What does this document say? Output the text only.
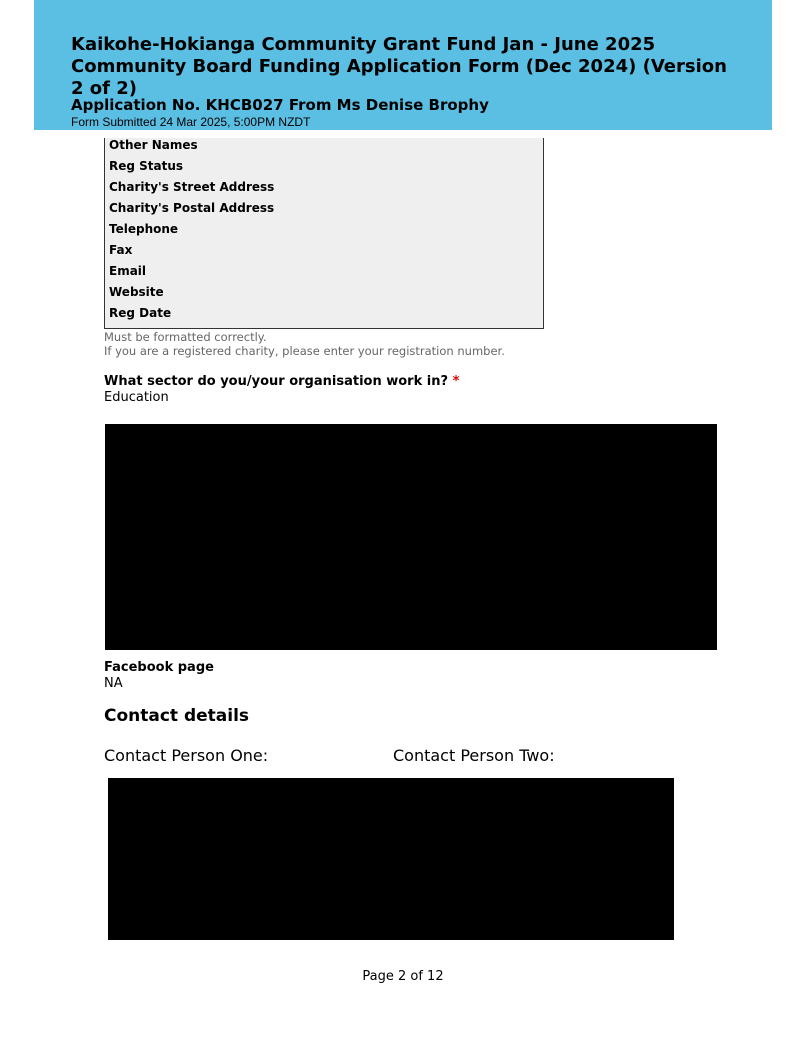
Kaikohe-Hokianga Community Grant Fund Jan - June 2025 Community Board Funding Application Form (Dec 2024) (Version 2 of 2)
Application No. KHCB027 From Ms Denise Brophy
Form Submitted 24 Mar 2025, 5:00PM NZDT
Other Names
Reg Status
Charity's Street Address
Charity's Postal Address
Telephone
Fax
Email
Website
Reg Date
Must be formatted correctly.
If you are a registered charity, please enter your registration number.
What sector do you/your organisation work in? *
Education
Facebook page
NA
Contact details
Contact Person One:	Contact Person Two:
Page 2 of 12
